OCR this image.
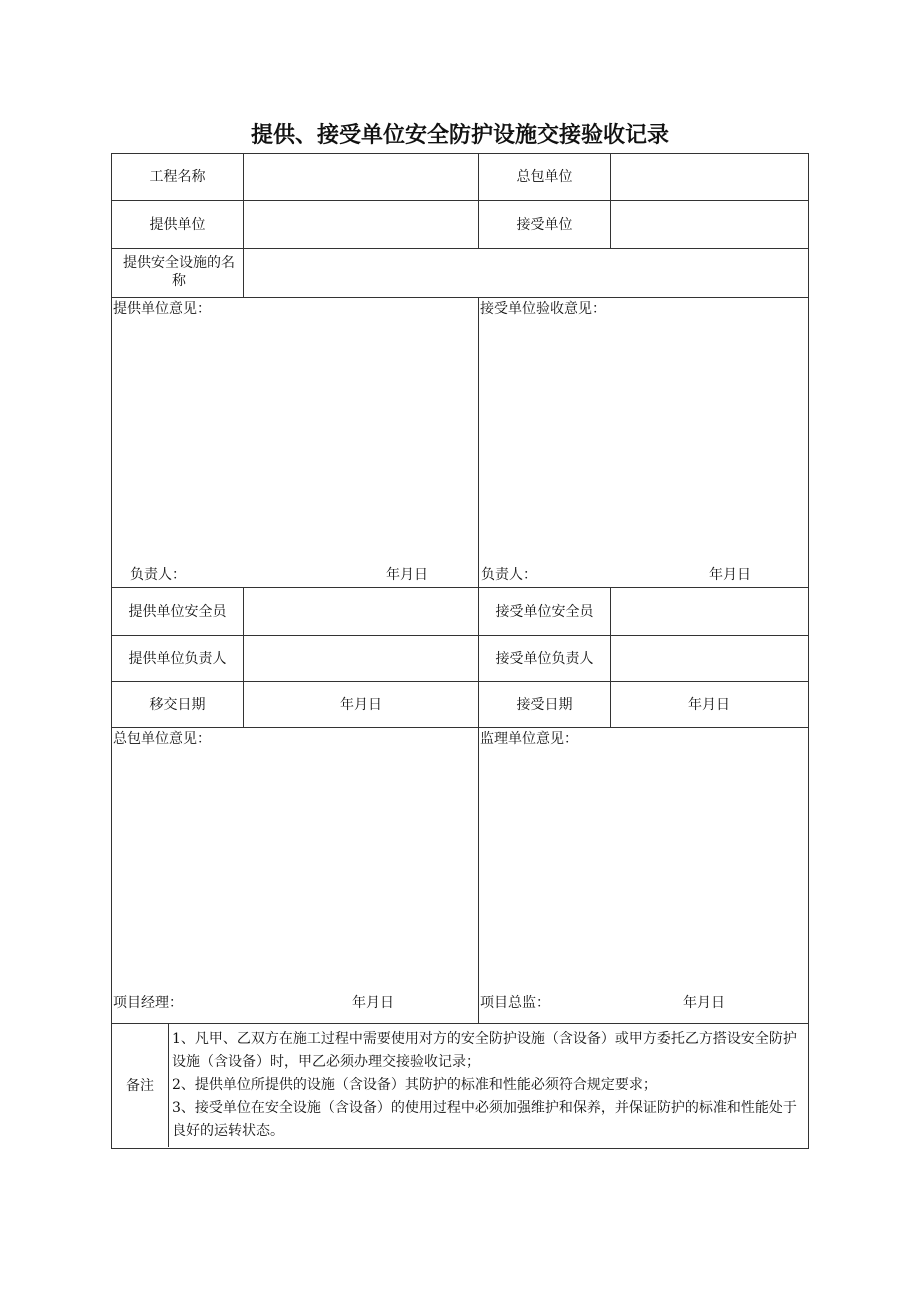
提供、接受单位安全防护设施交接验收记录
工程名称	总包单位
提供单位	接受单位
提供安全设施的名
称
提供单位意见：	接受单位验收意见：
负责人：	年月日	负责人：	年月日
提供单位安全员	接受单位安全员
提供单位负责人	接受单位负责人
移交日期	年月日	接受日期	年月日
总包单位意见：	监理单位意见：
项目经理：	年月日	项目总监：	年月日
备注
1、凡甲、乙双方在施工过程中需要使用对方的安全防护设施（含设备）或甲方委托乙方搭设安全防护设施（含设备）时，甲乙必须办理交接验收记录；
2、提供单位所提供的设施（含设备）其防护的标准和性能必须符合规定要求；
3、接受单位在安全设施（含设备）的使用过程中必须加强维护和保养，并保证防护的标准和性能处于良好的运转状态。
